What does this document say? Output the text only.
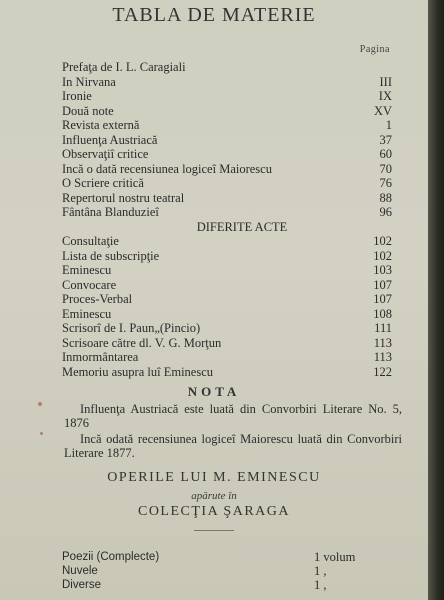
TABLA DE MATERIE
Pagina
Prefaţa de I. L. Caragiali
In Nirvana	III
Ironie	IX
Două note	XV
Revista externă	1
Influenţa Austriacă	37
Observaţiî critice	60
Incă o dată recensiunea logiceî Maiorescu	70
O Scriere critică	76
Repertorul nostru teatral	88
Fântâna Blanduzieî	96
DIFERITE ACTE
Consultaţie	102
Lista de subscripţie	102
Eminescu	103
Convocare	107
Proces-Verbal	107
Eminescu	108
Scrisorî de I. Paun„(Pincio)	111
Scrisoare către dl. V. G. Morţun	113
Inmormântarea	113
Memoriu asupra luî Eminescu	122
NOTA

Influenţa Austriacă este luată din Convorbiri Literare No. 5, 1876

Incă odată recensiunea logiceî Maiorescu luată din Convorbiri Literare 1877.

OPERILE LUI M. EMINESCU
apărute în
COLECŢIA ŞARAGA
Poezii (Complecte)	1 volum
Nuvele	1 ,
Diverse	1 ,
